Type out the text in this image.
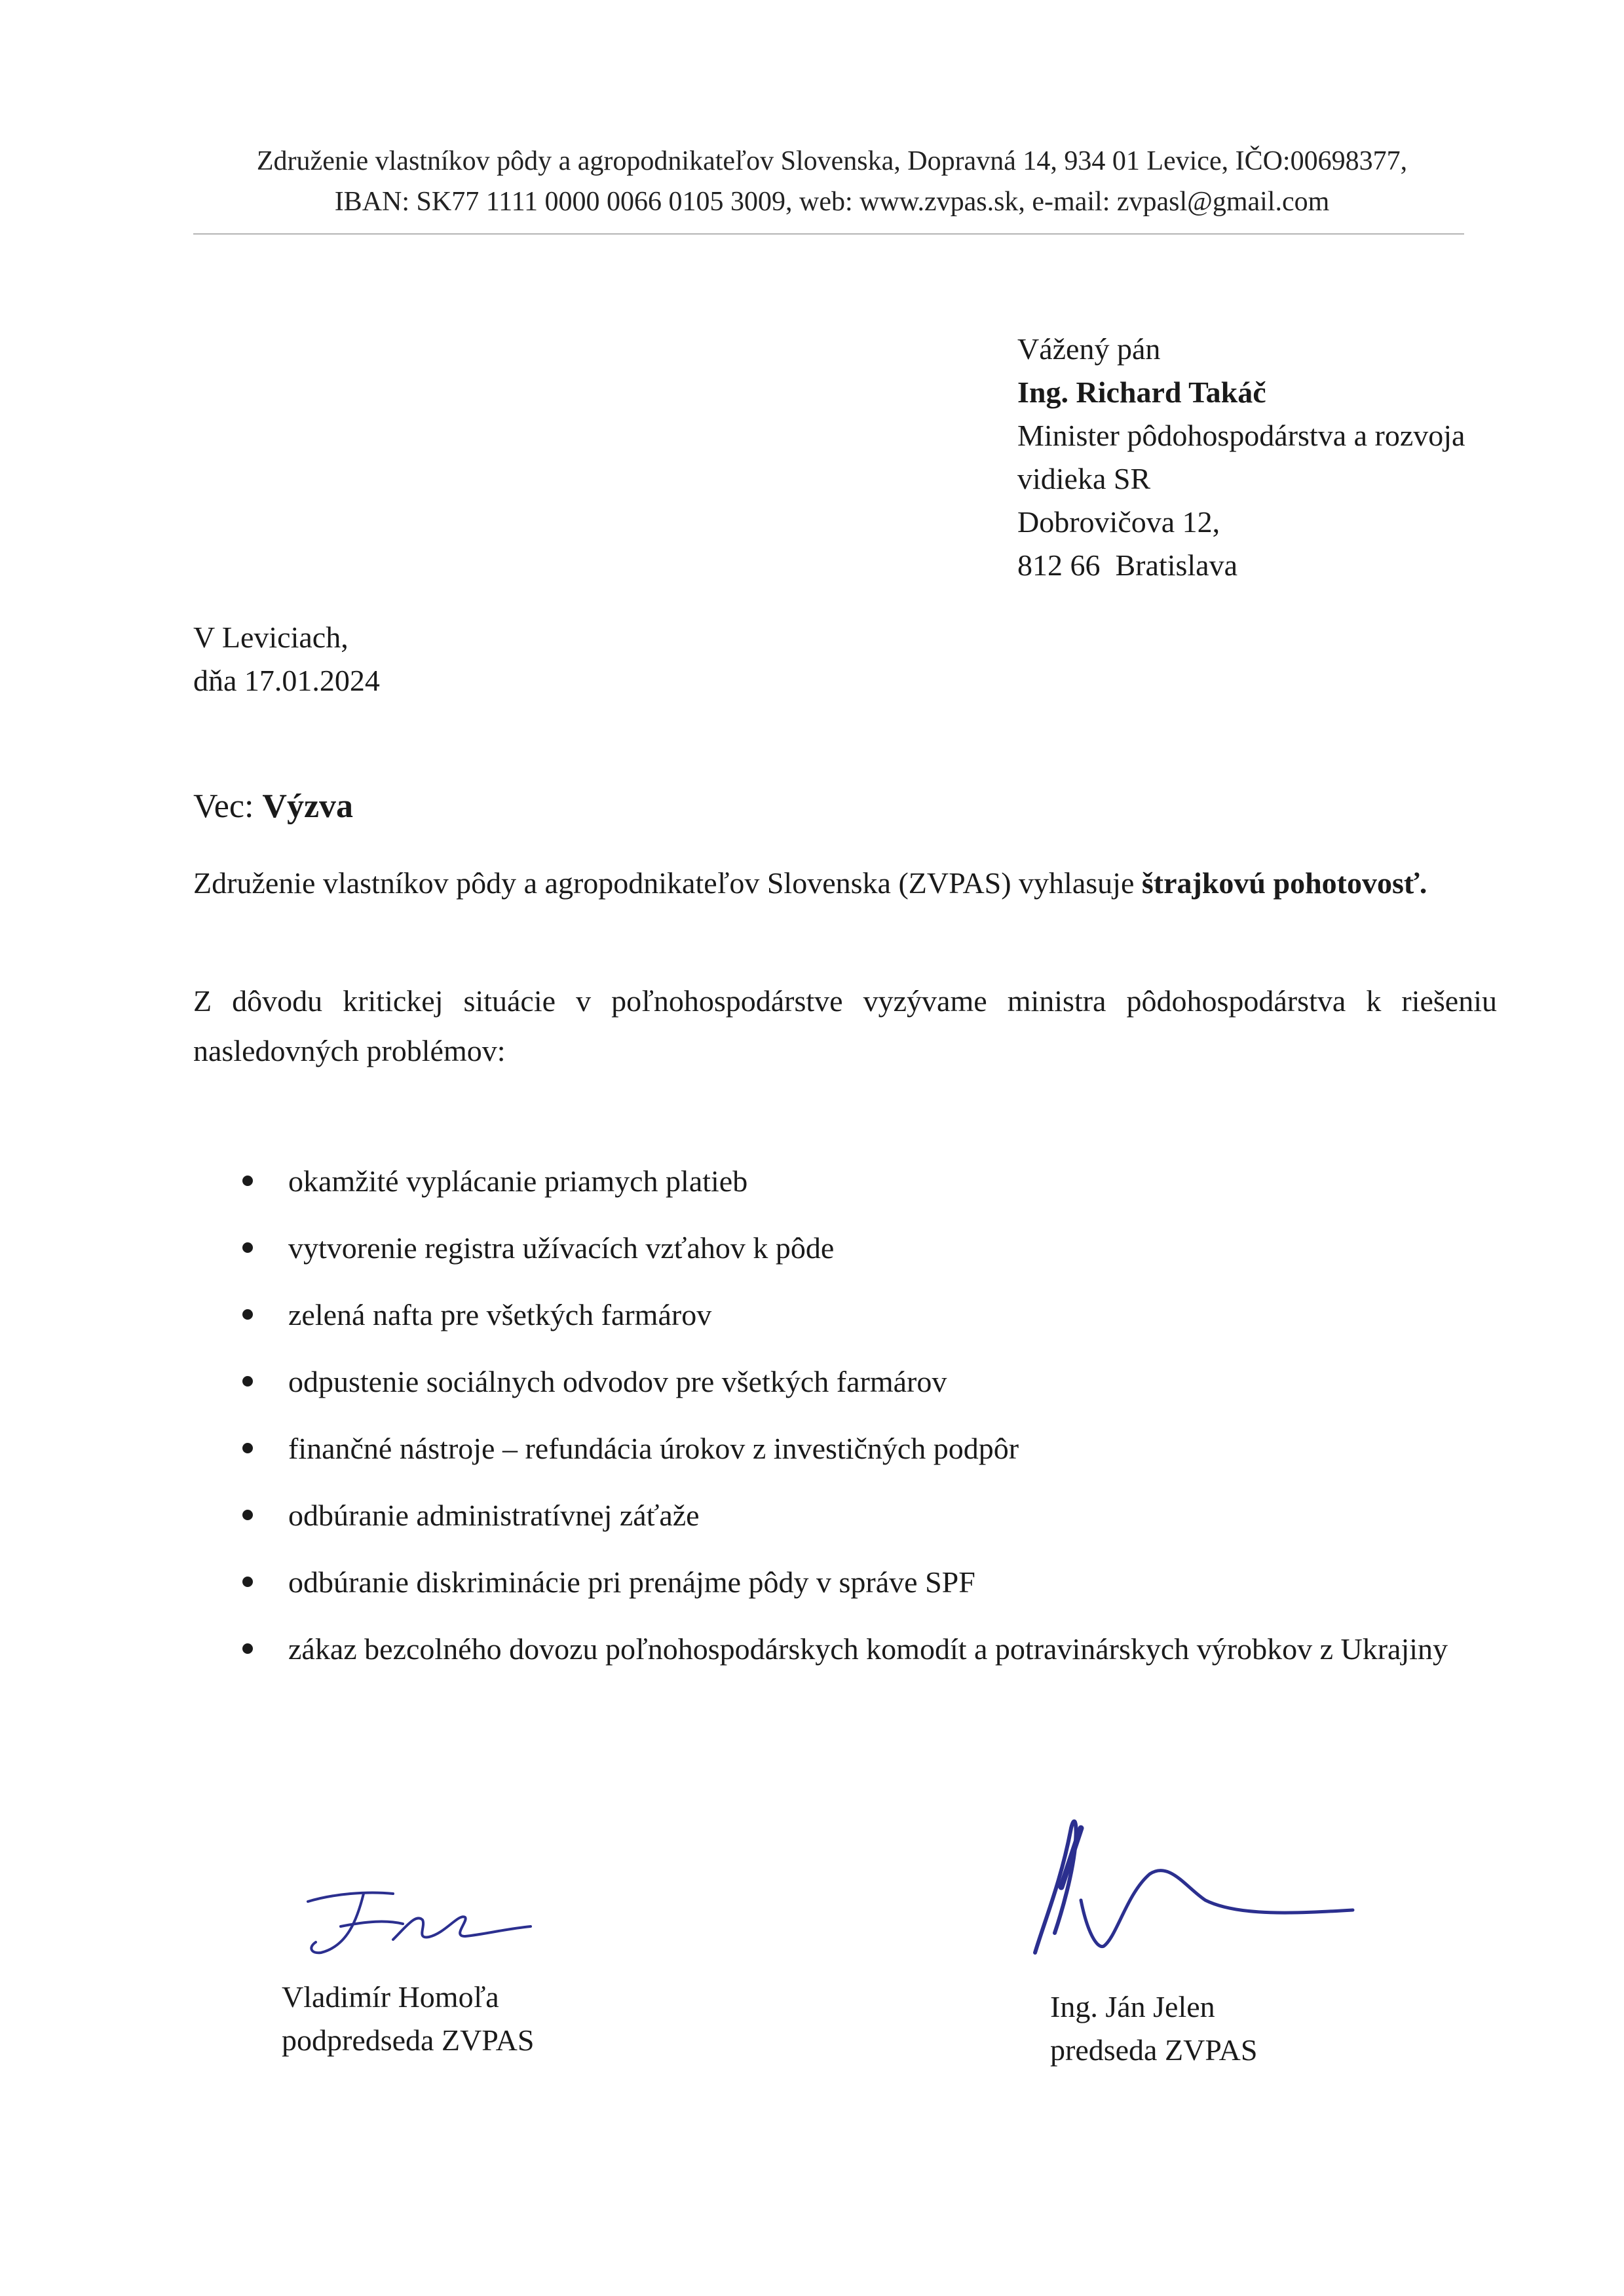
Združenie vlastníkov pôdy a agropodnikateľov Slovenska, Dopravná 14, 934 01 Levice, IČO:00698377,
IBAN: SK77 1111 0000 0066 0105 3009, web: www.zvpas.sk, e-mail: zvpasl@gmail.com
Vážený pán
Ing. Richard Takáč
Minister pôdohospodárstva a rozvoja
vidieka SR
Dobrovičova 12,
812 66  Bratislava
V Leviciach,
dňa 17.01.2024
Vec: Výzva
Združenie vlastníkov pôdy a agropodnikateľov Slovenska (ZVPAS) vyhlasuje štrajkovú pohotovosť.
Z dôvodu kritickej situácie v poľnohospodárstve vyzývame ministra pôdohospodárstva k riešeniu nasledovných problémov:
okamžité vyplácanie priamych platieb
vytvorenie registra užívacích vzťahov k pôde
zelená nafta pre všetkých farmárov
odpustenie sociálnych odvodov pre všetkých farmárov
finančné nástroje – refundácia úrokov z investičných podpôr
odbúranie administratívnej záťaže
odbúranie diskriminácie pri prenájme pôdy v správe SPF
zákaz bezcolného dovozu poľnohospodárskych komodít a potravinárskych výrobkov z Ukrajiny
Vladimír Homoľa
podpredseda ZVPAS
Ing. Ján Jelen
predseda ZVPAS
